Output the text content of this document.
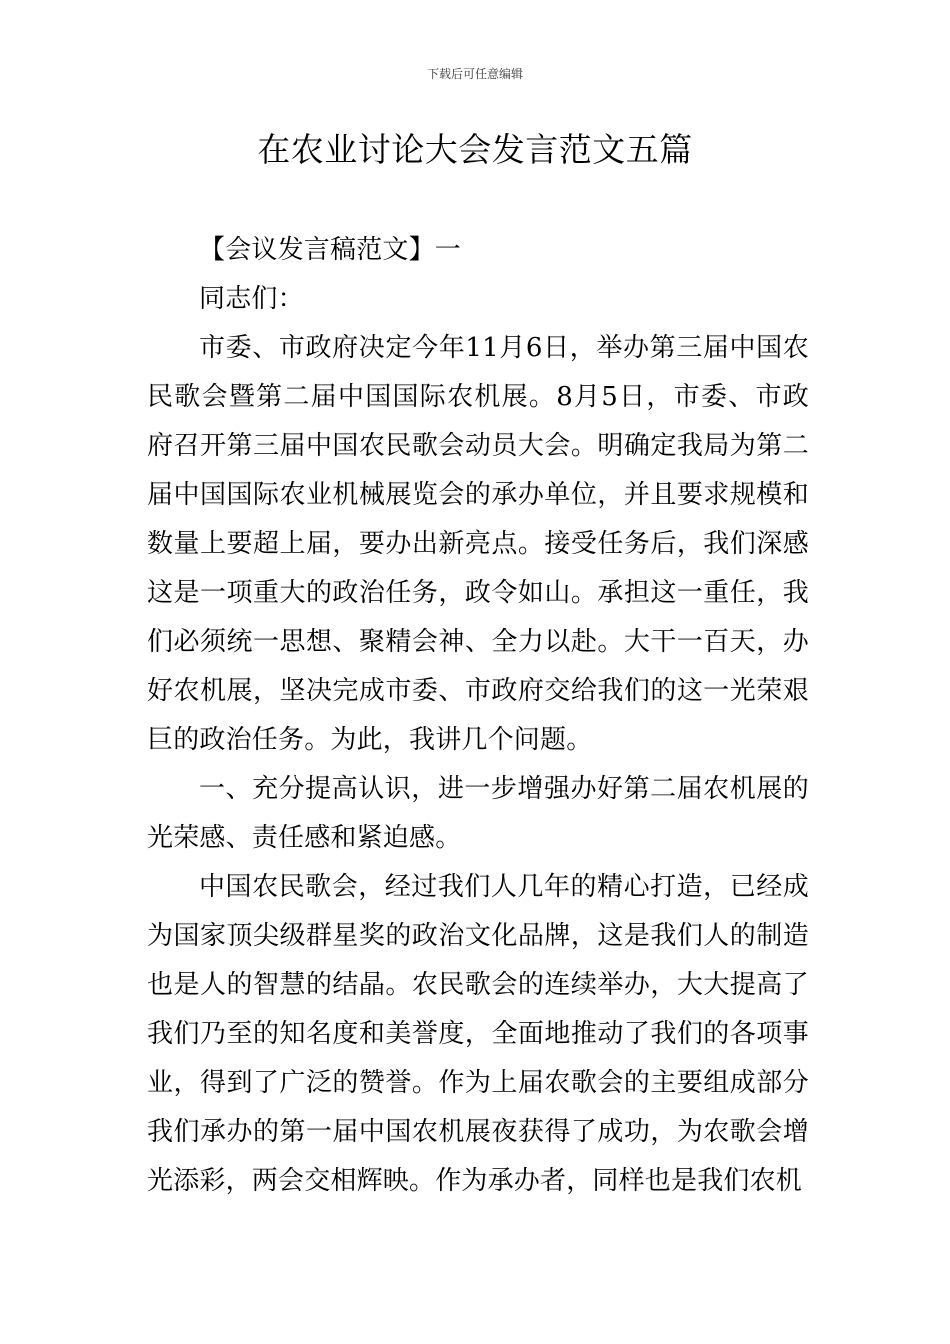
下载后可任意编辑
在农业讨论大会发言范文五篇

【会议发言稿范文】一

同志们：

市委、市政府决定今年11月6日，举办第三届中国农民歌会暨第二届中国国际农机展。8月5日，市委、市政府召开第三届中国农民歌会动员大会。明确定我局为第二届中国国际农业机械展览会的承办单位，并且要求规模和数量上要超上届，要办出新亮点。接受任务后，我们深感这是一项重大的政治任务，政令如山。承担这一重任，我们必须统一思想、聚精会神、全力以赴。大干一百天，办好农机展，坚决完成市委、市政府交给我们的这一光荣艰巨的政治任务。为此，我讲几个问题。

一、充分提高认识，进一步增强办好第二届农机展的光荣感、责任感和紧迫感。

中国农民歌会，经过我们人几年的精心打造，已经成为国家顶尖级群星奖的政治文化品牌，这是我们人的制造也是人的智慧的结晶。农民歌会的连续举办，大大提高了我们乃至的知名度和美誉度，全面地推动了我们的各项事业，得到了广泛的赞誉。作为上届农歌会的主要组成部分我们承办的第一届中国农机展夜获得了成功，为农歌会增光添彩，两会交相辉映。作为承办者，同样也是我们农机
